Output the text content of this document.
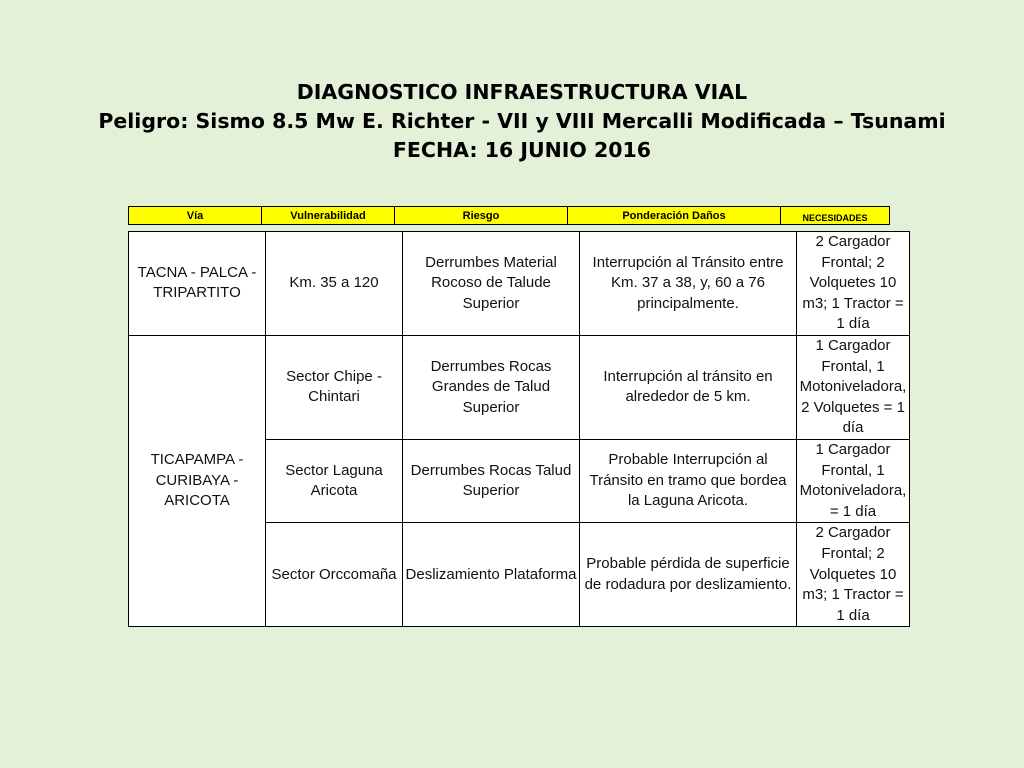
DIAGNOSTICO INFRAESTRUCTURA VIAL
Peligro: Sismo 8.5 Mw E. Richter - VII y VIII Mercalli Modificada – Tsunami
FECHA: 16 JUNIO 2016
Vía	Vulnerabilidad	Riesgo	Ponderación Daños	NECESIDADES
TACNA - PALCA - TRIPARTITO	Km. 35 a 120	Derrumbes Material Rocoso de Talude Superior	Interrupción al Tránsito entre Km. 37 a 38, y, 60 a 76 principalmente.	2 Cargador Frontal; 2 Volquetes 10 m3; 1 Tractor = 1 día
TICAPAMPA - CURIBAYA - ARICOTA	Sector Chipe - Chintari	Derrumbes Rocas Grandes de Talud Superior	Interrupción al tránsito en alrededor de 5 km.	1 Cargador Frontal, 1 Motoniveladora, 2 Volquetes = 1 día
	Sector Laguna Aricota	Derrumbes Rocas Talud Superior	Probable Interrupción al Tránsito en tramo que bordea la Laguna Aricota.	1 Cargador Frontal, 1 Motoniveladora, = 1 día
	Sector Orccomaña	Deslizamiento Plataforma	Probable pérdida de superficie de rodadura por deslizamiento.	2 Cargador Frontal; 2 Volquetes 10 m3; 1 Tractor = 1 día
